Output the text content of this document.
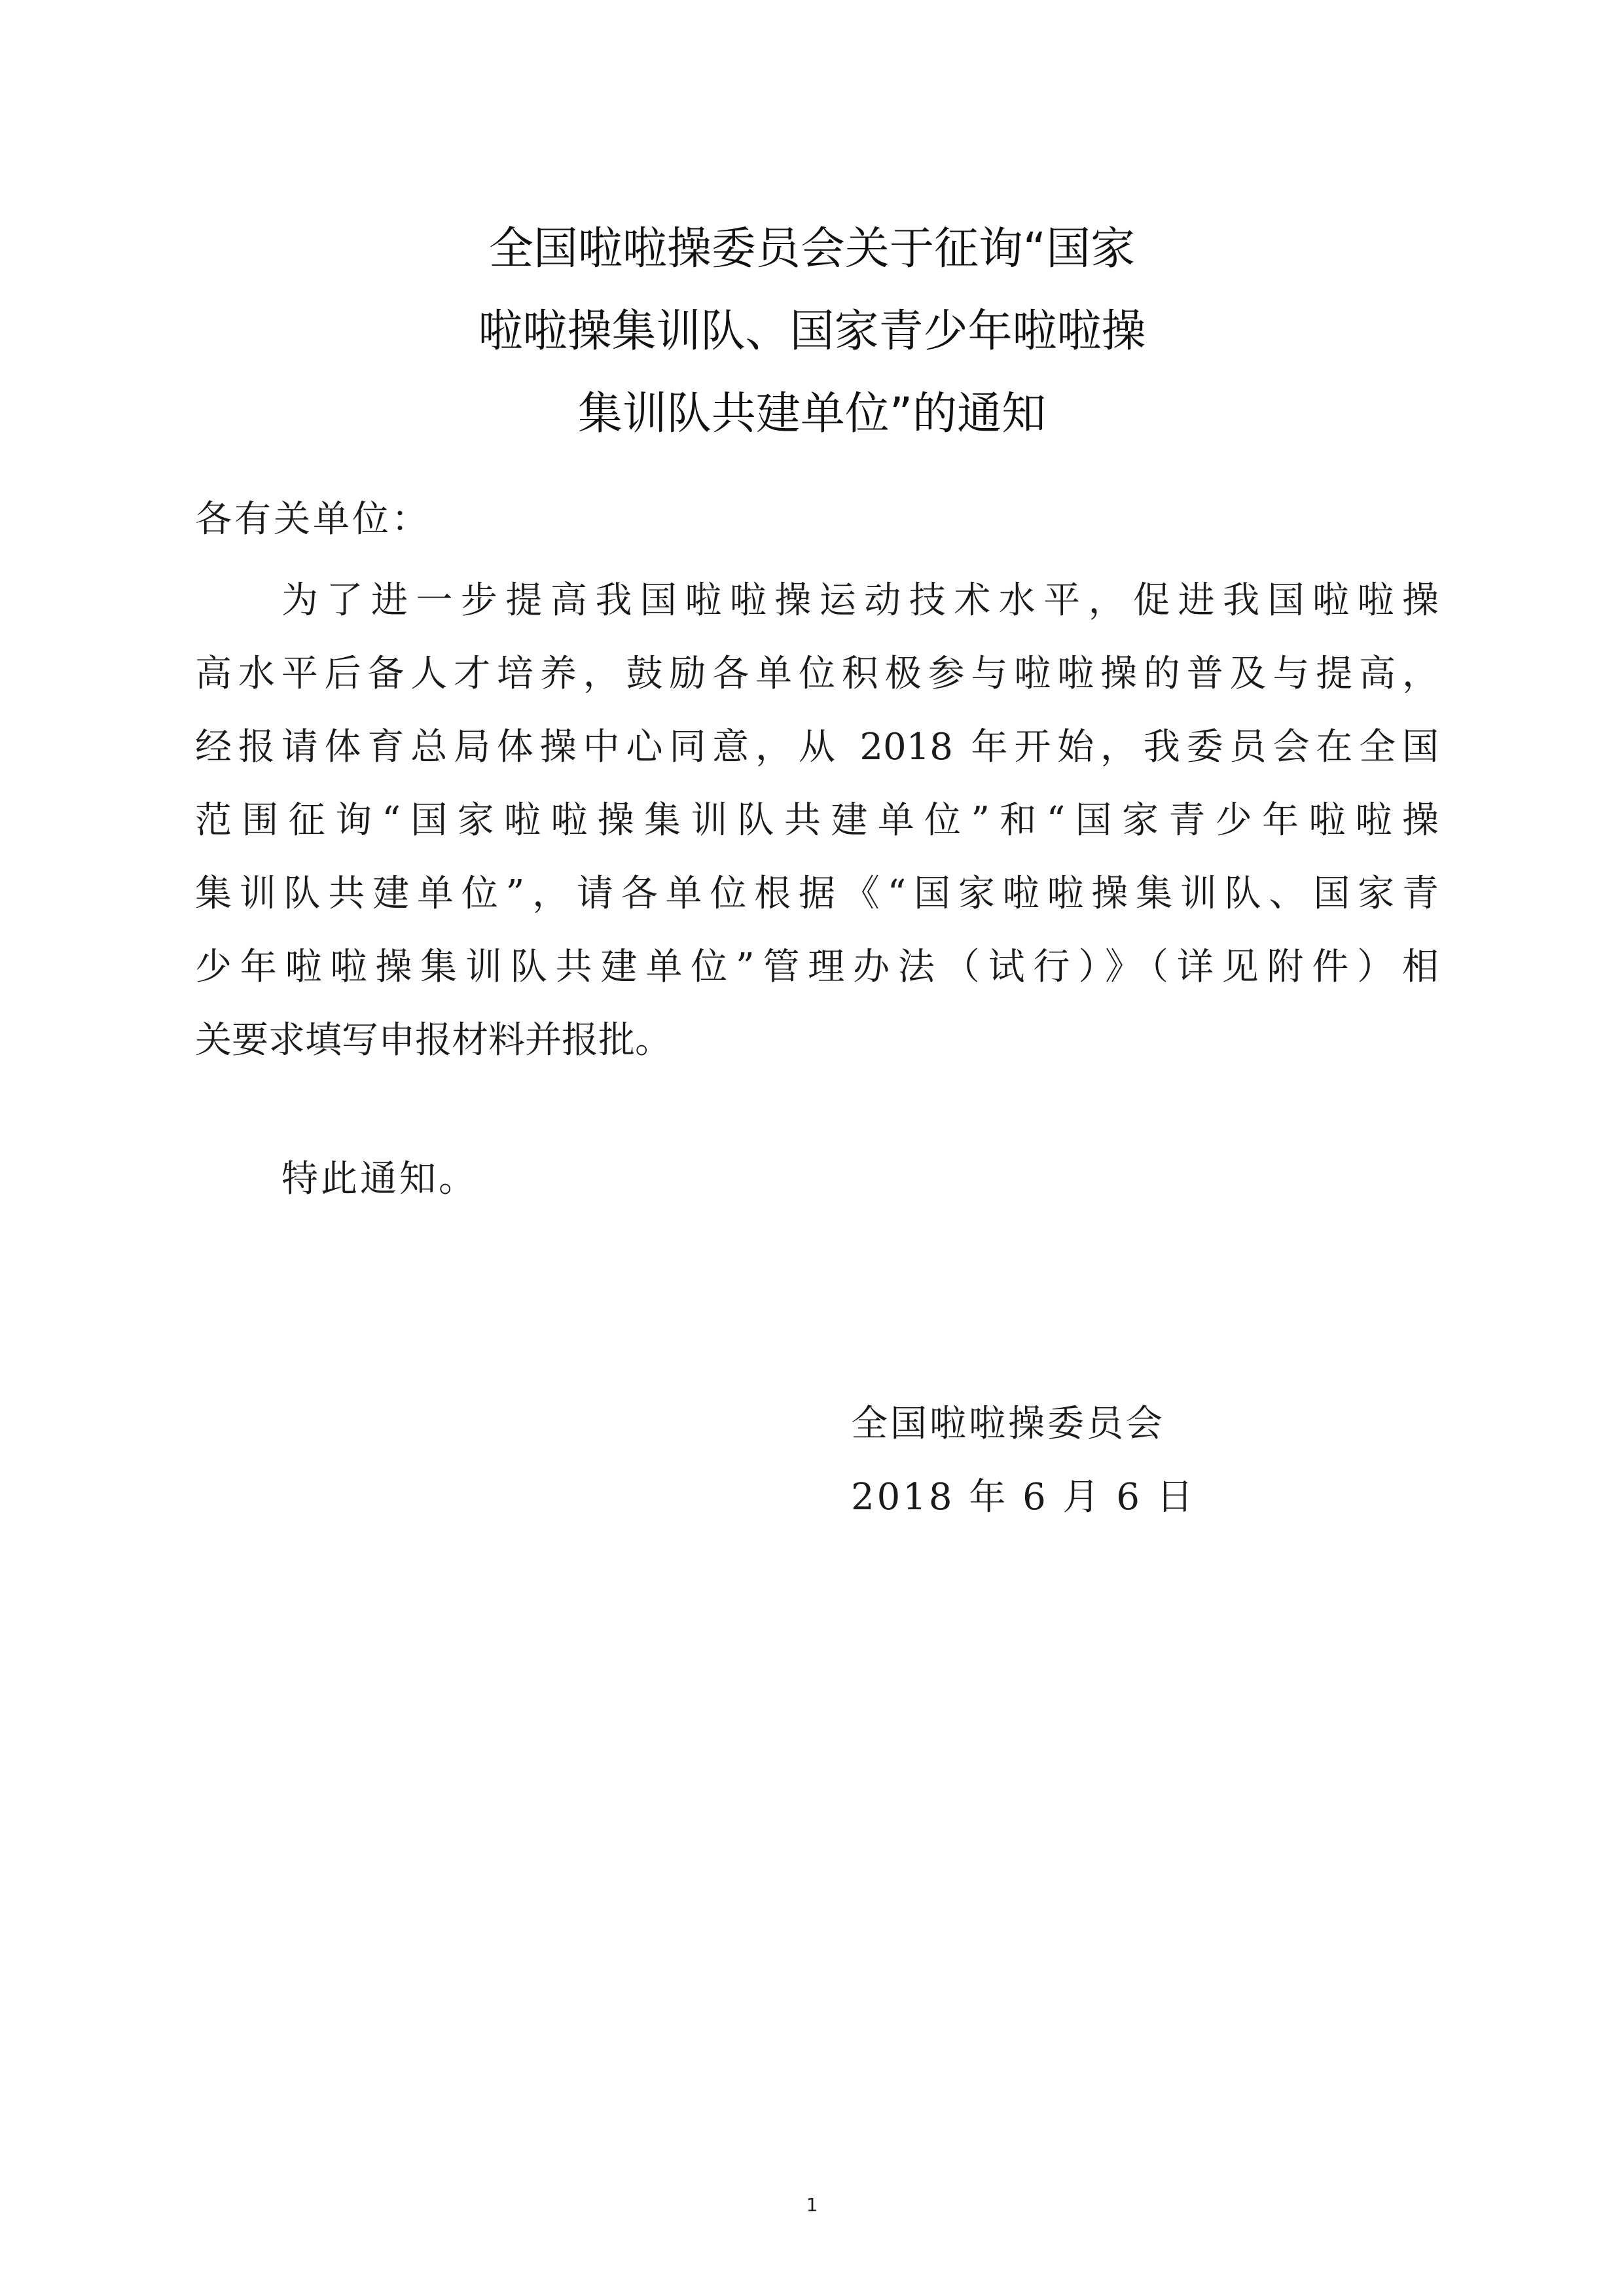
全国啦啦操委员会关于征询“国家
啦啦操集训队、国家青少年啦啦操
集训队共建单位”的通知
各有关单位：
为了进一步提高我国啦啦操运动技术水平，促进我国啦啦操
高水平后备人才培养，鼓励各单位积极参与啦啦操的普及与提高，
经报请体育总局体操中心同意，从 2018 年开始，我委员会在全国
范围征询“国家啦啦操集训队共建单位”和“国家青少年啦啦操
集训队共建单位”，请各单位根据《“国家啦啦操集训队、国家青
少年啦啦操集训队共建单位”管理办法（试行）》（详见附件）相
关要求填写申报材料并报批。
特此通知。
全国啦啦操委员会
2018 年 6 月 6 日
1
